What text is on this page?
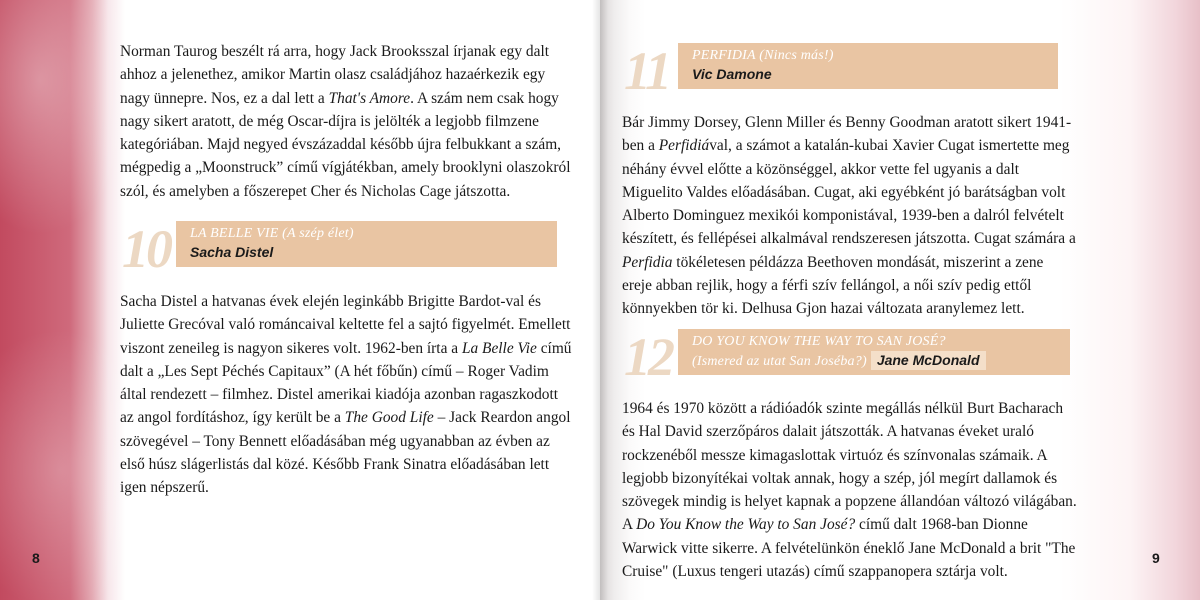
Norman Taurog beszélt rá arra, hogy Jack Brooksszal írjanak egy dalt ahhoz a jelenethez, amikor Martin olasz családjához hazaérkezik egy nagy ünnepre. Nos, ez a dal lett a That's Amore. A szám nem csak hogy nagy sikert aratott, de még Oscar-díjra is jelölték a legjobb filmzene kategóriában. Majd negyed évszázaddal később újra felbukkant a szám, mégpedig a „Moonstruck” című vígjátékban, amely brooklyni olaszokról szól, és amelyben a főszerepet Cher és Nicholas Cage játszotta.

10 LA BELLE VIE (A szép élet)
Sacha Distel

Sacha Distel a hatvanas évek elején leginkább Brigitte Bardot-val és Juliette Grecóval való románcaival keltette fel a sajtó figyelmét. Emellett viszont zeneileg is nagyon sikeres volt. 1962-ben írta a La Belle Vie című dalt a „Les Sept Péchés Capitaux” (A hét főbűn) című – Roger Vadim által rendezett – filmhez. Distel amerikai kiadója azonban ragaszkodott az angol fordításhoz, így került be a The Good Life – Jack Reardon angol szövegével – Tony Bennett előadásában még ugyanabban az évben az első húsz slágerlistás dal közé. Később Frank Sinatra előadásában lett igen népszerű.

8
11 PERFIDIA (Nincs más!)
Vic Damone

Bár Jimmy Dorsey, Glenn Miller és Benny Goodman aratott sikert 1941-ben a Perfidiával, a számot a katalán-kubai Xavier Cugat ismertette meg néhány évvel előtte a közönséggel, akkor vette fel ugyanis a dalt Miguelito Valdes előadásában. Cugat, aki egyébként jó barátságban volt Alberto Dominguez mexikói komponistával, 1939-ben a dalról felvételt készített, és fellépései alkalmával rendszeresen játszotta. Cugat számára a Perfidia tökéletesen példázza Beethoven mondását, miszerint a zene ereje abban rejlik, hogy a férfi szív fellángol, a női szív pedig ettől könnyekben tör ki. Delhusa Gjon hazai változata aranylemez lett.

12 DO YOU KNOW THE WAY TO SAN JOSÉ?
(Ismered az utat San Joséba?) Jane McDonald

1964 és 1970 között a rádióadók szinte megállás nélkül Burt Bacharach és Hal David szerzőpáros dalait játszották. A hatvanas éveket uraló rockzenéből messze kimagaslottak virtuóz és színvonalas számaik. A legjobb bizonyítékai voltak annak, hogy a szép, jól megírt dallamok és szövegek mindig is helyet kapnak a popzene állandóan változó világában. A Do You Know the Way to San José? című dalt 1968-ban Dionne Warwick vitte sikerre. A felvételünkön éneklő Jane McDonald a brit "The Cruise" (Luxus tengeri utazás) című szappanopera sztárja volt.

9
